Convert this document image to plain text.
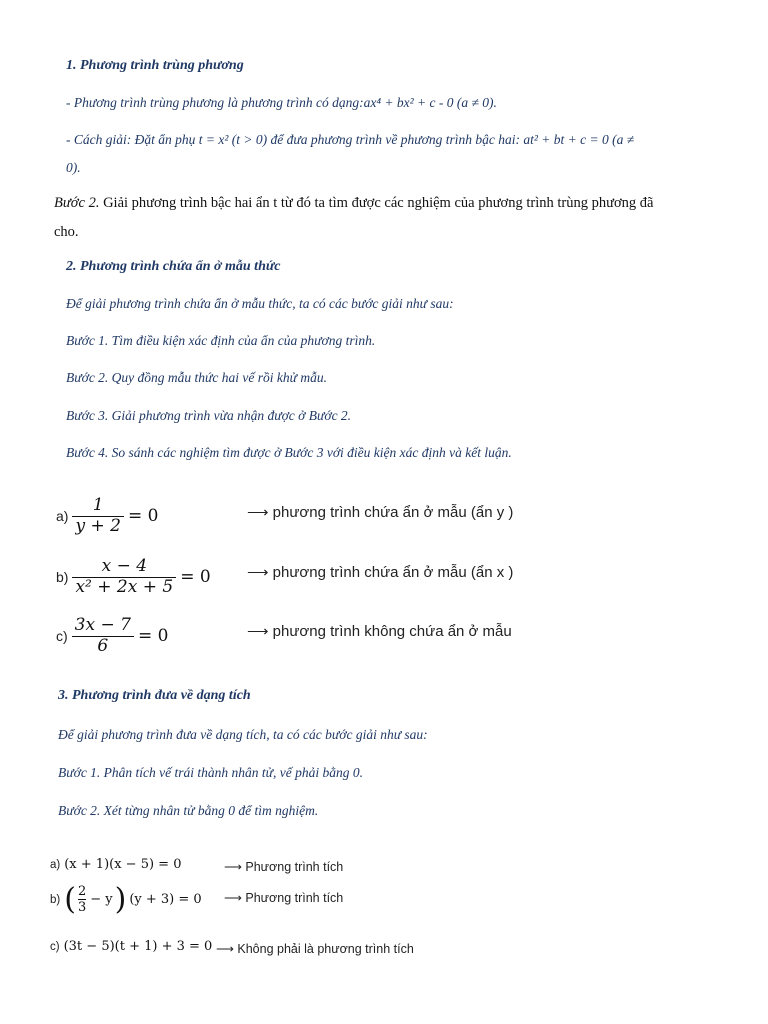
1. Phương trình trùng phương
- Phương trình trùng phương là phương trình có dạng:ax⁴ + bx² + c - 0 (a ≠ 0).
- Cách giải: Đặt ẩn phụ t = x² (t > 0) để đưa phương trình về phương trình bậc hai: at² + bt + c = 0 (a ≠
0).
Bước 2. Giải phương trình bậc hai ẩn t từ đó ta tìm được các nghiệm của phương trình trùng phương đã
cho.
2. Phương trình chứa ẩn ở mẫu thức
Để giải phương trình chứa ẩn ở mẫu thức, ta có các bước giải như sau:
Bước 1. Tìm điều kiện xác định của ẩn của phương trình.
Bước 2. Quy đồng mẫu thức hai vế rồi khử mẫu.
Bước 3. Giải phương trình vừa nhận được ở Bước 2.
Bước 4. So sánh các nghiệm tìm được ở Bước 3 với điều kiện xác định và kết luận.
$a) \frac{1}{y + 2} = 0$	⟶ phương trình chứa ẩn ở mẫu (ẩn y )
$b) \frac{x - 4}{\text{x² + 2x + 5}} = 0$ ⟶ phương trình chứa ẩn ở mẫu (ẩn x )
$c) \frac{3x - 7}{6} = 0$	⟶ phương trình không chứa ẩn ở mẫu
3. Phương trình đưa về dạng tích
Để giải phương trình đưa về dạng tích, ta có các bước giải như sau:
Bước 1. Phân tích vế trái thành nhân tử, vế phải bằng 0.
Bước 2. Xét từng nhân tử bằng 0 để tìm nghiệm.
a) (x + 1)(x − 5) = 0	⟶ Phương trình tích
b) ( 2
3
− y ) (y + 3) = 0 ⟶ Phương trình tích
c) (3t − 5)(t + 1) + 3 = 0 ⟶ Không phải là phương trình tích
